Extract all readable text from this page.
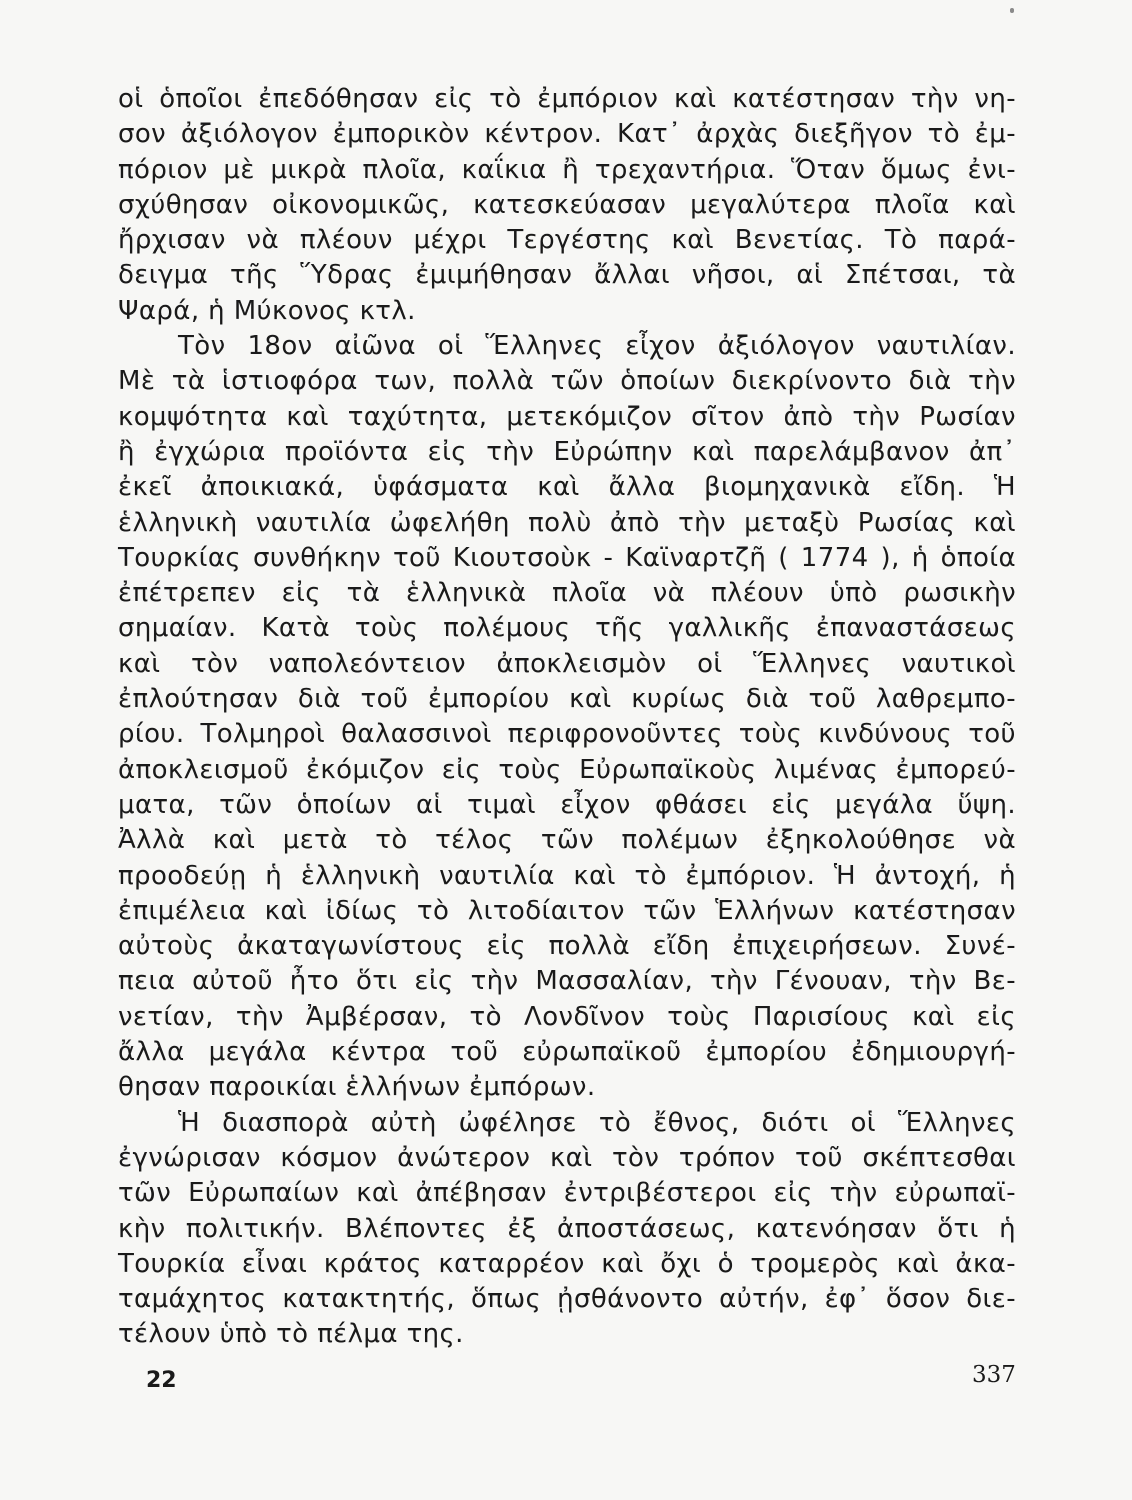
οἱ ὁποῖοι ἐπεδόθησαν εἰς τὸ ἐμπόριον καὶ κατέστησαν τὴν νη-
σον ἀξιόλογον ἐμπορικὸν κέντρον. Κατ᾽ ἀρχὰς διεξῆγον τὸ ἐμ-
πόριον μὲ μικρὰ πλοῖα, καΐκια ἢ τρεχαντήρια. Ὅταν ὅμως ἐνι-
σχύθησαν οἰκονομικῶς, κατεσκεύασαν μεγαλύτερα πλοῖα καὶ
ἤρχισαν νὰ πλέουν μέχρι Τεργέστης καὶ Βενετίας. Τὸ παρά-
δειγμα τῆς Ὕδρας ἐμιμήθησαν ἄλλαι νῆσοι, αἱ Σπέτσαι, τὰ
Ψαρά, ἡ Μύκονος κτλ.
Τὸν 18ον αἰῶνα οἱ Ἕλληνες εἶχον ἀξιόλογον ναυτιλίαν.
Μὲ τὰ ἱστιοφόρα των, πολλὰ τῶν ὁποίων διεκρίνοντο διὰ τὴν
κομψότητα καὶ ταχύτητα, μετεκόμιζον σῖτον ἀπὸ τὴν Ρωσίαν
ἢ ἐγχώρια προϊόντα εἰς τὴν Εὐρώπην καὶ παρελάμβανον ἀπ᾽
ἐκεῖ ἀποικιακά, ὑφάσματα καὶ ἄλλα βιομηχανικὰ εἴδη. Ἡ
ἑλληνικὴ ναυτιλία ὠφελήθη πολὺ ἀπὸ τὴν μεταξὺ Ρωσίας καὶ
Τουρκίας συνθήκην τοῦ Κιουτσοὺκ - Καϊναρτζῆ ( 1774 ), ἡ ὁποία
ἐπέτρεπεν εἰς τὰ ἑλληνικὰ πλοῖα νὰ πλέουν ὑπὸ ρωσικὴν
σημαίαν. Κατὰ τοὺς πολέμους τῆς γαλλικῆς ἐπαναστάσεως
καὶ τὸν ναπολεόντειον ἀποκλεισμὸν οἱ Ἕλληνες ναυτικοὶ
ἐπλούτησαν διὰ τοῦ ἐμπορίου καὶ κυρίως διὰ τοῦ λαθρεμπο-
ρίου. Τολμηροὶ θαλασσινοὶ περιφρονοῦντες τοὺς κινδύνους τοῦ
ἀποκλεισμοῦ ἐκόμιζον εἰς τοὺς Εὐρωπαϊκοὺς λιμένας ἐμπορεύ-
ματα, τῶν ὁποίων αἱ τιμαὶ εἶχον φθάσει εἰς μεγάλα ὕψη.
Ἀλλὰ καὶ μετὰ τὸ τέλος τῶν πολέμων ἐξηκολούθησε νὰ
προοδεύῃ ἡ ἑλληνικὴ ναυτιλία καὶ τὸ ἐμπόριον. Ἡ ἀντοχή, ἡ
ἐπιμέλεια καὶ ἰδίως τὸ λιτοδίαιτον τῶν Ἑλλήνων κατέστησαν
αὐτοὺς ἀκαταγωνίστους εἰς πολλὰ εἴδη ἐπιχειρήσεων. Συνέ-
πεια αὐτοῦ ἦτο ὅτι εἰς τὴν Μασσαλίαν, τὴν Γένουαν, τὴν Βε-
νετίαν, τὴν Ἀμβέρσαν, τὸ Λονδῖνον τοὺς Παρισίους καὶ εἰς
ἄλλα μεγάλα κέντρα τοῦ εὐρωπαϊκοῦ ἐμπορίου ἐδημιουργή-
θησαν παροικίαι ἑλλήνων ἐμπόρων.
Ἡ διασπορὰ αὐτὴ ὠφέλησε τὸ ἔθνος, διότι οἱ Ἕλληνες
ἐγνώρισαν κόσμον ἀνώτερον καὶ τὸν τρόπον τοῦ σκέπτεσθαι
τῶν Εὐρωπαίων καὶ ἀπέβησαν ἐντριβέστεροι εἰς τὴν εὐρωπαϊ-
κὴν πολιτικήν. Βλέποντες ἐξ ἀποστάσεως, κατενόησαν ὅτι ἡ
Τουρκία εἶναι κράτος καταρρέον καὶ ὄχι ὁ τρομερὸς καὶ ἀκα-
ταμάχητος κατακτητής, ὅπως ᾐσθάνοντο αὐτήν, ἐφ᾽ ὅσον διε-
τέλουν ὑπὸ τὸ πέλμα της.
22	337
